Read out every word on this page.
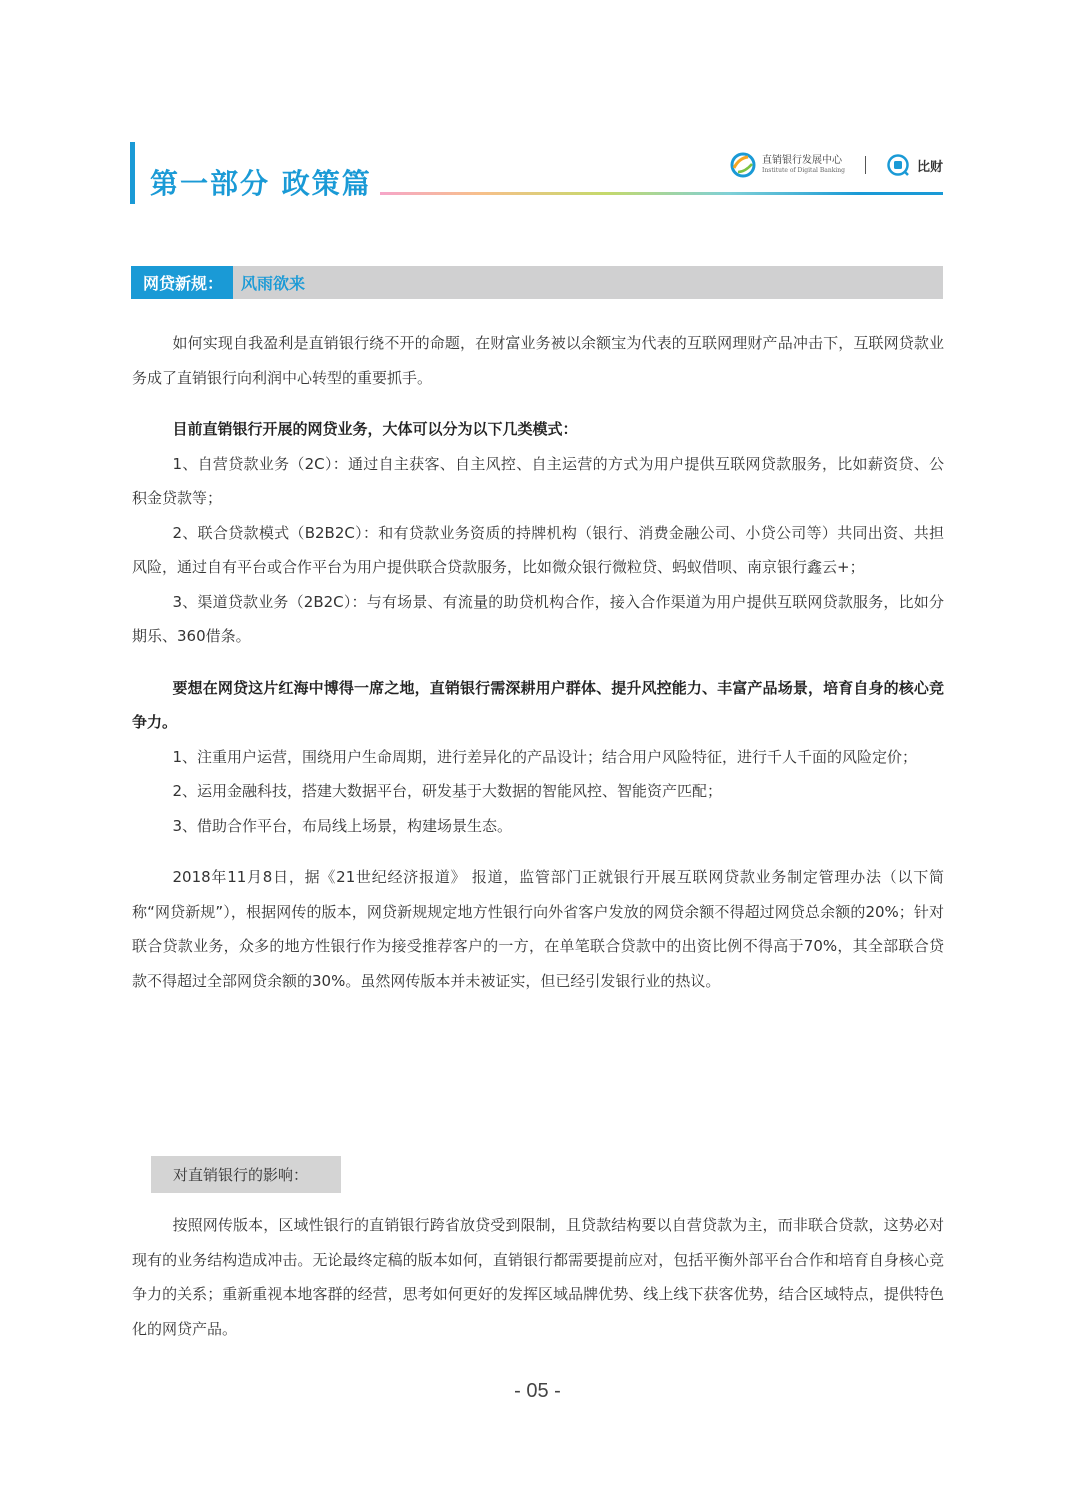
第一部分 政策篇
直销银行发展中心
Institute of Digital Banking	比财
网贷新规：	风雨欲来

如何实现自我盈利是直销银行绕不开的命题，在财富业务被以余额宝为代表的互联网理财产品冲击下，互联网贷款业务成了直销银行向利润中心转型的重要抓手。

目前直销银行开展的网贷业务，大体可以分为以下几类模式：

1、自营贷款业务（2C）：通过自主获客、自主风控、自主运营的方式为用户提供互联网贷款服务，比如薪资贷、公积金贷款等；

2、联合贷款模式（B2B2C）：和有贷款业务资质的持牌机构（银行、消费金融公司、小贷公司等）共同出资、共担风险，通过自有平台或合作平台为用户提供联合贷款服务，比如微众银行微粒贷、蚂蚁借呗、南京银行鑫云+；

3、渠道贷款业务（2B2C）：与有场景、有流量的助贷机构合作，接入合作渠道为用户提供互联网贷款服务，比如分期乐、360借条。

要想在网贷这片红海中博得一席之地，直销银行需深耕用户群体、提升风控能力、丰富产品场景，培育自身的核心竞争力。

1、注重用户运营，围绕用户生命周期，进行差异化的产品设计；结合用户风险特征，进行千人千面的风险定价；

2、运用金融科技，搭建大数据平台，研发基于大数据的智能风控、智能资产匹配；

3、借助合作平台，布局线上场景，构建场景生态。

2018年11月8日，据《21世纪经济报道》 报道，监管部门正就银行开展互联网贷款业务制定管理办法（以下简称“网贷新规”），根据网传的版本，网贷新规规定地方性银行向外省客户发放的网贷余额不得超过网贷总余额的20%；针对联合贷款业务，众多的地方性银行作为接受推荐客户的一方，在单笔联合贷款中的出资比例不得高于70%，其全部联合贷款不得超过全部网贷余额的30%。虽然网传版本并未被证实，但已经引发银行业的热议。

对直销银行的影响：

按照网传版本，区域性银行的直销银行跨省放贷受到限制，且贷款结构要以自营贷款为主，而非联合贷款，这势必对现有的业务结构造成冲击。无论最终定稿的版本如何，直销银行都需要提前应对，包括平衡外部平台合作和培育自身核心竞争力的关系；重新重视本地客群的经营，思考如何更好的发挥区域品牌优势、线上线下获客优势，结合区域特点，提供特色化的网贷产品。

- 05 -
